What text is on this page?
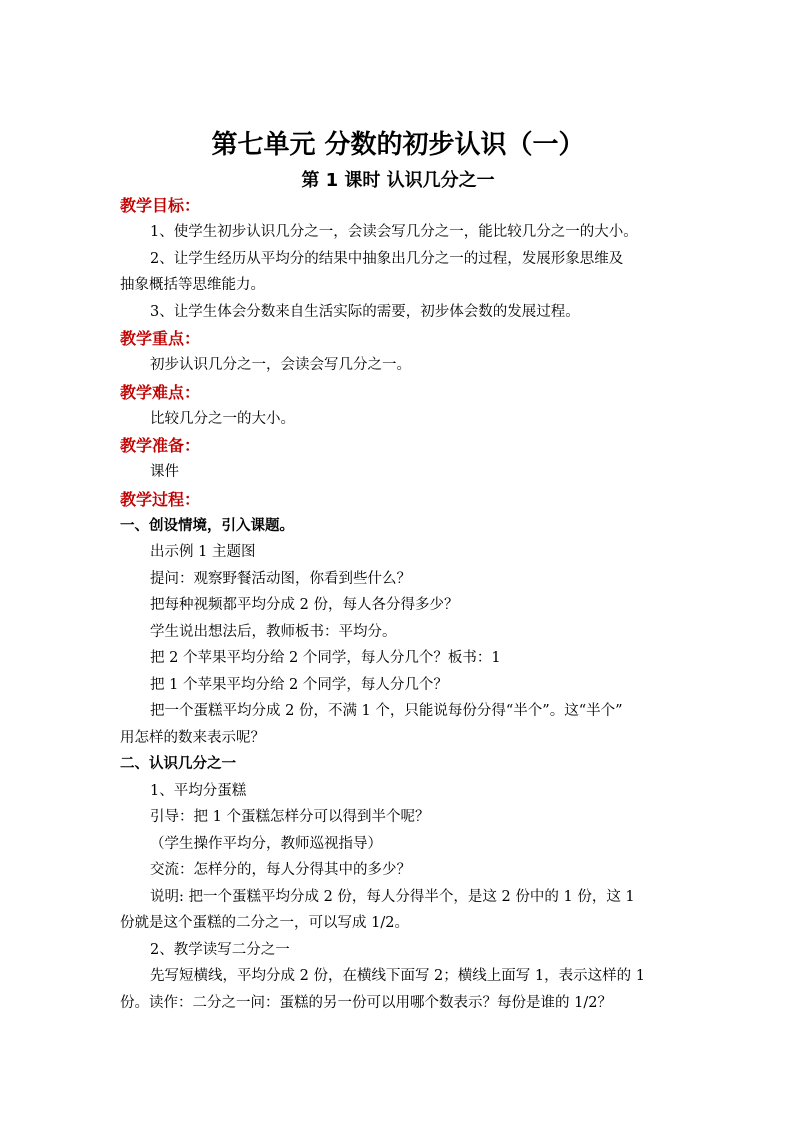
第七单元 分数的初步认识（一）
第 1 课时 认识几分之一

教学目标：

1、使学生初步认识几分之一，会读会写几分之一，能比较几分之一的大小。

2、让学生经历从平均分的结果中抽象出几分之一的过程，发展形象思维及

抽象概括等思维能力。

3、让学生体会分数来自生活实际的需要，初步体会数的发展过程。

教学重点：

初步认识几分之一，会读会写几分之一。

教学难点：

比较几分之一的大小。

教学准备：

课件

教学过程：

一、创设情境，引入课题。

出示例 1 主题图

提问：观察野餐活动图，你看到些什么？

把每种视频都平均分成 2 份，每人各分得多少？

学生说出想法后，教师板书：平均分。

把 2 个苹果平均分给 2 个同学，每人分几个？板书：1

把 1 个苹果平均分给 2 个同学，每人分几个？

把一个蛋糕平均分成 2 份，不满 1 个，只能说每份分得“半个”。这“半个”

用怎样的数来表示呢？

二、认识几分之一

1、平均分蛋糕

引导：把 1 个蛋糕怎样分可以得到半个呢？

（学生操作平均分，教师巡视指导）

交流：怎样分的，每人分得其中的多少？

说明: 把一个蛋糕平均分成 2 份，每人分得半个，是这 2 份中的 1 份，这 1

份就是这个蛋糕的二分之一，可以写成 1/2。

2、教学读写二分之一

先写短横线，平均分成 2 份，在横线下面写 2；横线上面写 1，表示这样的 1

份。读作：二分之一问：蛋糕的另一份可以用哪个数表示？每份是谁的 1/2？
